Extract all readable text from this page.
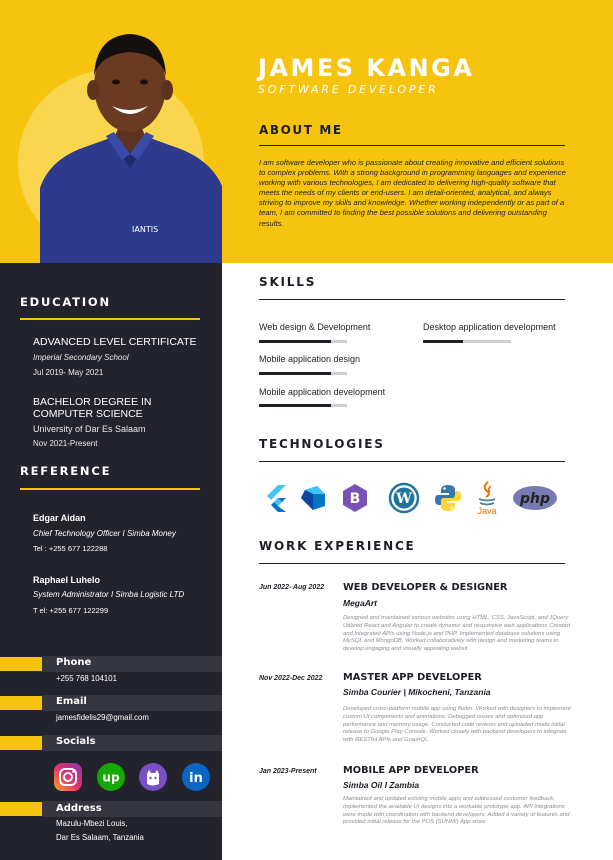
IANTIS
JAMES KANGA
SOFTWARE DEVELOPER
ABOUT ME
I am software developer who is passionate about creating innovative and efficient solutions to complex problems. With a strong background in programming languages and experience working with various technologies, I am dedicated to delivering high-quality software that meets the needs of my clients or end-users. I am detail-oriented, analytical, and always striving to improve my skills and knowledge. Whether working independently or as part of a team, I am committed to finding the best possible solutions and delivering outstanding results.
EDUCATION
ADVANCED LEVEL CERTIFICATE
Imperial Secondary School
Jul 2019- May 2021
BACHELOR DEGREE IN COMPUTER SCIENCE
University of Dar Es Salaam
Nov 2021-Present
REFERENCE
Edgar Aidan
Chief Technology Officer I Simba Money
Tel : +255 677 122288
Raphael Luhelo
System Administrator I Simba Logistic LTD
T el: +255 677 122299
Phone
+255 768 104101
Email
jamesfidelis29@gmail.com
Socials
up	in
Address
Mazulu-Mbezi Louis,
Dar Es Salaam, Tanzania
SKILLS
Web design & Development	Desktop application development
Mobile application design
Mobile application development
TECHNOLOGIES
B	W
Java
php
WORK EXPERIENCE
Jun 2022- Aug 2022 WEB DEVELOPER & DESIGNER
MegaArt
Designed and maintained various websites using HTML, CSS, JavaScript, and JQuery Utilized React and Angular to create dynamic and responsive web applications Created and integrated APIs using Node.js and PHP. Implemented database solutions using MySQL and MongoDB. Worked collaboratively with design and marketing teams to develop engaging and visually appealing websit
Nov 2022-Dec 2022 MASTER APP DEVELOPER
Simba Courier | Mikocheni, Tanzania
Developed cross-platform mobile app using flutter. Worked with designers to implement custom UI components and animations. Debugged issues and optimized app performance and memory usage. Conducted code reviews and uploaded mode initial release to Google Play Console. Worked closely with backend developers to integrate with RESTful APIs and GraphQL.
Jan 2023-Present	MOBILE APP DEVELOPER
Simba Oil I Zambia
Maintained and updated existing mobile apps and addressed customer feedback. Implemented the available UI designs into a workable prototype app. API integrations were made with coordination with backend developers. Added a variety of features and provided initial release for the POS (SUNMI) App store.
